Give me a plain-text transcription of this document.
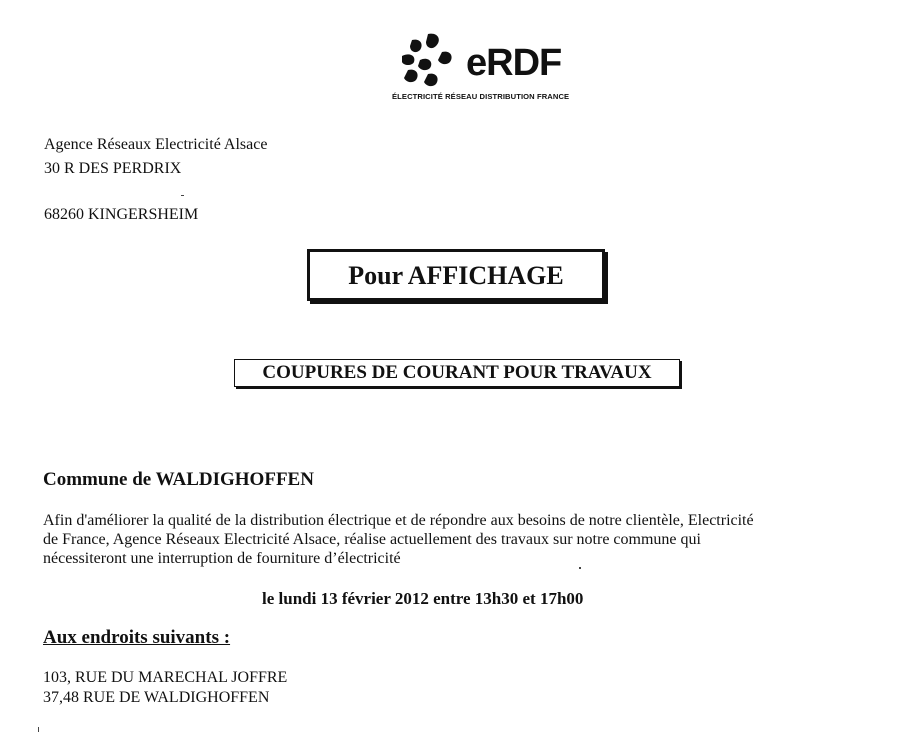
eRDF
ÉLECTRICITÉ RÉSEAU DISTRIBUTION FRANCE
Agence Réseaux Electricité Alsace
30 R DES PERDRIX
68260 KINGERSHEIM
Pour AFFICHAGE
COUPURES DE COURANT POUR TRAVAUX
Commune de WALDIGHOFFEN
Afin d'améliorer la qualité de la distribution électrique et de répondre aux besoins de notre clientèle, Electricité
de France, Agence Réseaux Electricité Alsace, réalise actuellement des travaux sur notre commune qui
nécessiteront une interruption de fourniture d’électricité
le lundi 13 février 2012 entre 13h30 et 17h00
Aux endroits suivants :
103, RUE DU MARECHAL JOFFRE
37,48 RUE DE WALDIGHOFFEN
